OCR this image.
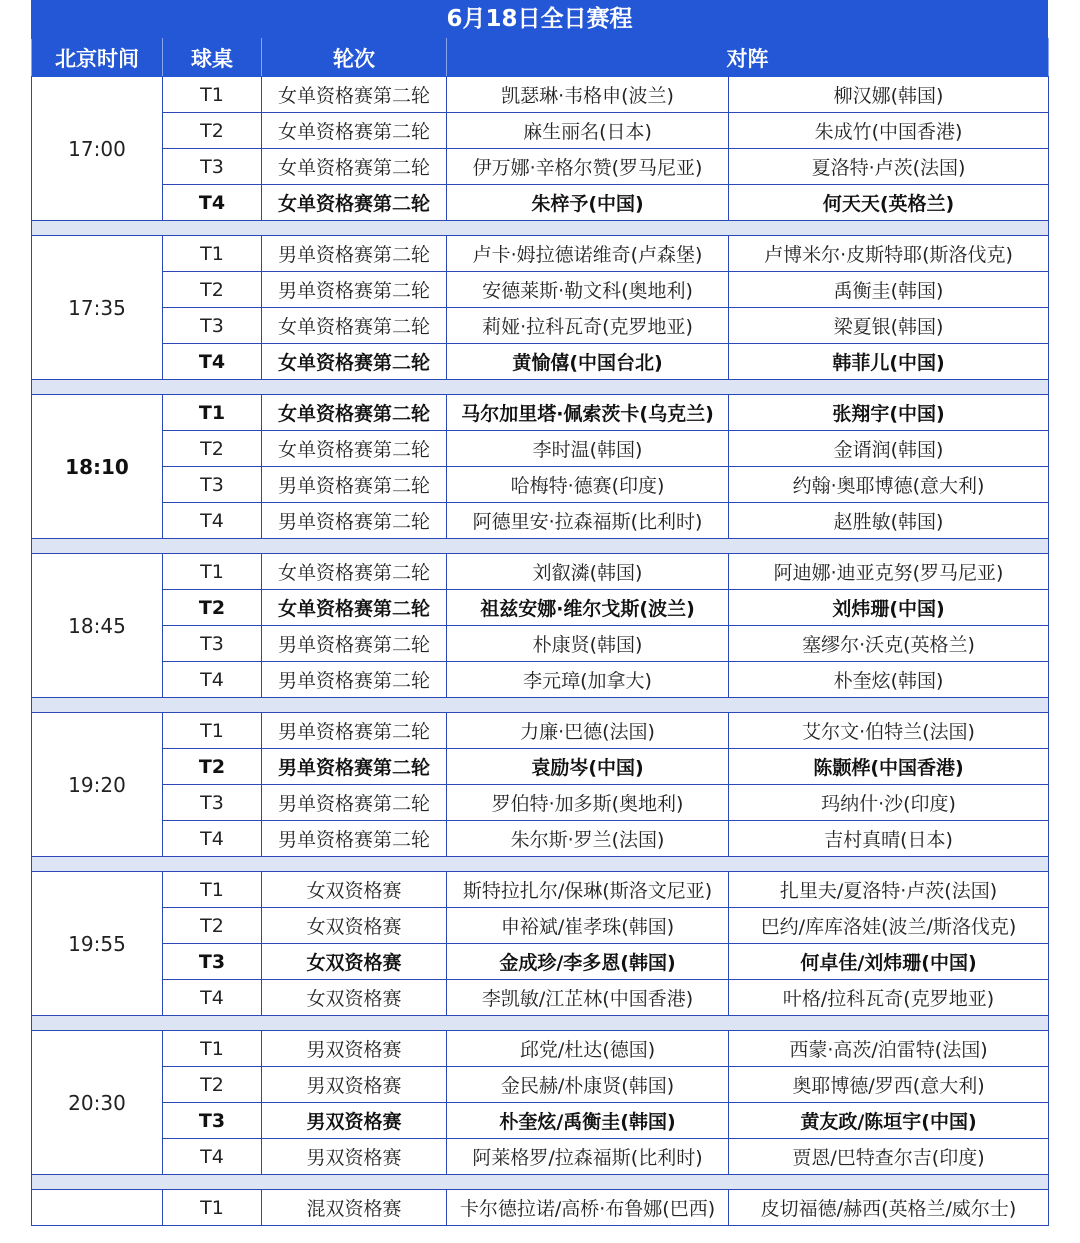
6月18日全日赛程
北京时间	球桌	轮次	对阵	
17:00	T1	女单资格赛第二轮	凯瑟琳·韦格申(波兰)	柳汉娜(韩国)
	T2	女单资格赛第二轮	麻生丽名(日本)	朱成竹(中国香港)
	T3	女单资格赛第二轮	伊万娜·辛格尔赞(罗马尼亚)	夏洛特·卢茨(法国)
	T4	女单资格赛第二轮	朱梓予(中国)	何天天(英格兰)

17:35	T1	男单资格赛第二轮	卢卡·姆拉德诺维奇(卢森堡)	卢博米尔·皮斯特耶(斯洛伐克)
	T2	男单资格赛第二轮	安德莱斯·勒文科(奥地利)	禹衡圭(韩国)
	T3	女单资格赛第二轮	莉娅·拉科瓦奇(克罗地亚)	梁夏银(韩国)
	T4	女单资格赛第二轮	黄愉僖(中国台北)	韩菲儿(中国)

18:10	T1	女单资格赛第二轮	马尔加里塔·佩索茨卡(乌克兰)	张翔宇(中国)
	T2	女单资格赛第二轮	李时温(韩国)	金谞润(韩国)
	T3	男单资格赛第二轮	哈梅特·德赛(印度)	约翰·奥耶博德(意大利)
	T4	男单资格赛第二轮	阿德里安·拉森福斯(比利时)	赵胜敏(韩国)

18:45	T1	女单资格赛第二轮	刘叡潾(韩国)	阿迪娜·迪亚克努(罗马尼亚)
	T2	女单资格赛第二轮	祖兹安娜·维尔戈斯(波兰)	刘炜珊(中国)
	T3	男单资格赛第二轮	朴康贤(韩国)	塞缪尔·沃克(英格兰)
	T4	男单资格赛第二轮	李元璋(加拿大)	朴奎炫(韩国)

19:20	T1	男单资格赛第二轮	力廉·巴德(法国)	艾尔文·伯特兰(法国)
	T2	男单资格赛第二轮	袁励岑(中国)	陈颢桦(中国香港)
	T3	男单资格赛第二轮	罗伯特·加多斯(奥地利)	玛纳什·沙(印度)
	T4	男单资格赛第二轮	朱尔斯·罗兰(法国)	吉村真晴(日本)

19:55	T1	女双资格赛	斯特拉扎尔/保琳(斯洛文尼亚)	扎里夫/夏洛特·卢茨(法国)
	T2	女双资格赛	申裕斌/崔孝珠(韩国)	巴约/库库洛娃(波兰/斯洛伐克)
	T3	女双资格赛	金成珍/李多恩(韩国)	何卓佳/刘炜珊(中国)
	T4	女双资格赛	李凯敏/江芷林(中国香港)	叶格/拉科瓦奇(克罗地亚)

20:30	T1	男双资格赛	邱党/杜达(德国)	西蒙·高茨/泊雷特(法国)
	T2	男双资格赛	金民赫/朴康贤(韩国)	奥耶博德/罗西(意大利)
	T3	男双资格赛	朴奎炫/禹衡圭(韩国)	黄友政/陈垣宇(中国)
	T4	男双资格赛	阿莱格罗/拉森福斯(比利时)	贾恩/巴特查尔吉(印度)

	T1	混双资格赛	卡尔德拉诺/高桥·布鲁娜(巴西)	皮切福德/赫西(英格兰/威尔士)
